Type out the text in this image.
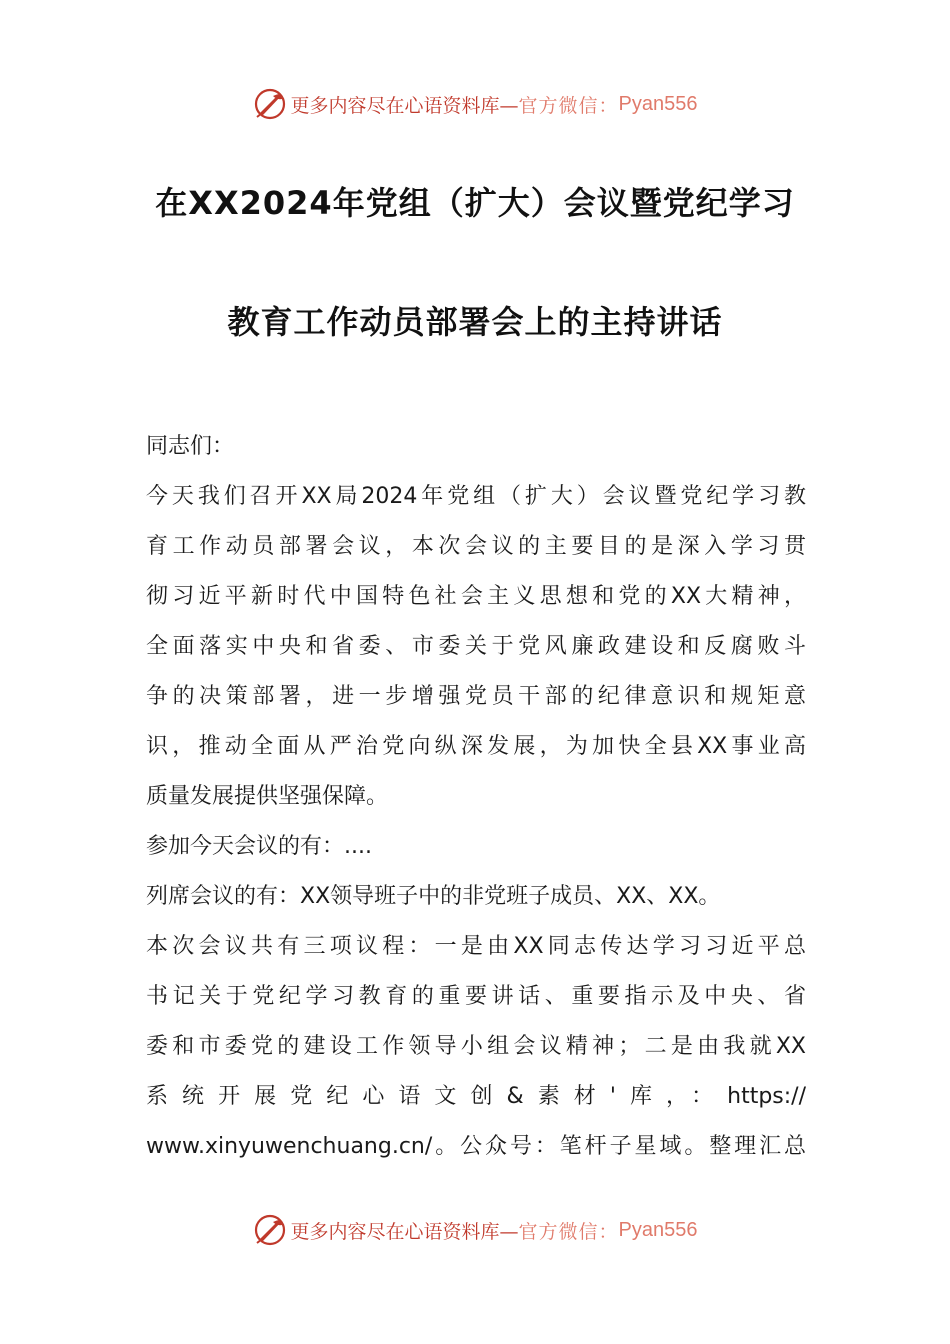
更多内容尽在心语资料库— 官方微信： Pyan556
在XX2024年党组（扩大）会议暨党纪学习
教育工作动员部署会上的主持讲话
同志们：
今天我们召开XX局2024年党组（扩大）会议暨党纪学习教
育工作动员部署会议，本次会议的主要目的是深入学习贯
彻习近平新时代中国特色社会主义思想和党的XX大精神，
全面落实中央和省委、市委关于党风廉政建设和反腐败斗
争的决策部署，进一步增强党员干部的纪律意识和规矩意
识，推动全面从严治党向纵深发展，为加快全县XX事业高
质量发展提供坚强保障。
参加今天会议的有：....
列席会议的有：XX领导班子中的非党班子成员、XX、XX。
本次会议共有三项议程：一是由XX同志传达学习习近平总
书记关于党纪学习教育的重要讲话、重要指示及中央、省
委和市委党的建设工作领导小组会议精神；二是由我就XX
系统开展党纪心语文创&素材'库，：https://
www.xinyuwenchuang.cn/。公众号：笔杆子星域。整理汇总
更多内容尽在心语资料库— 官方微信： Pyan556
